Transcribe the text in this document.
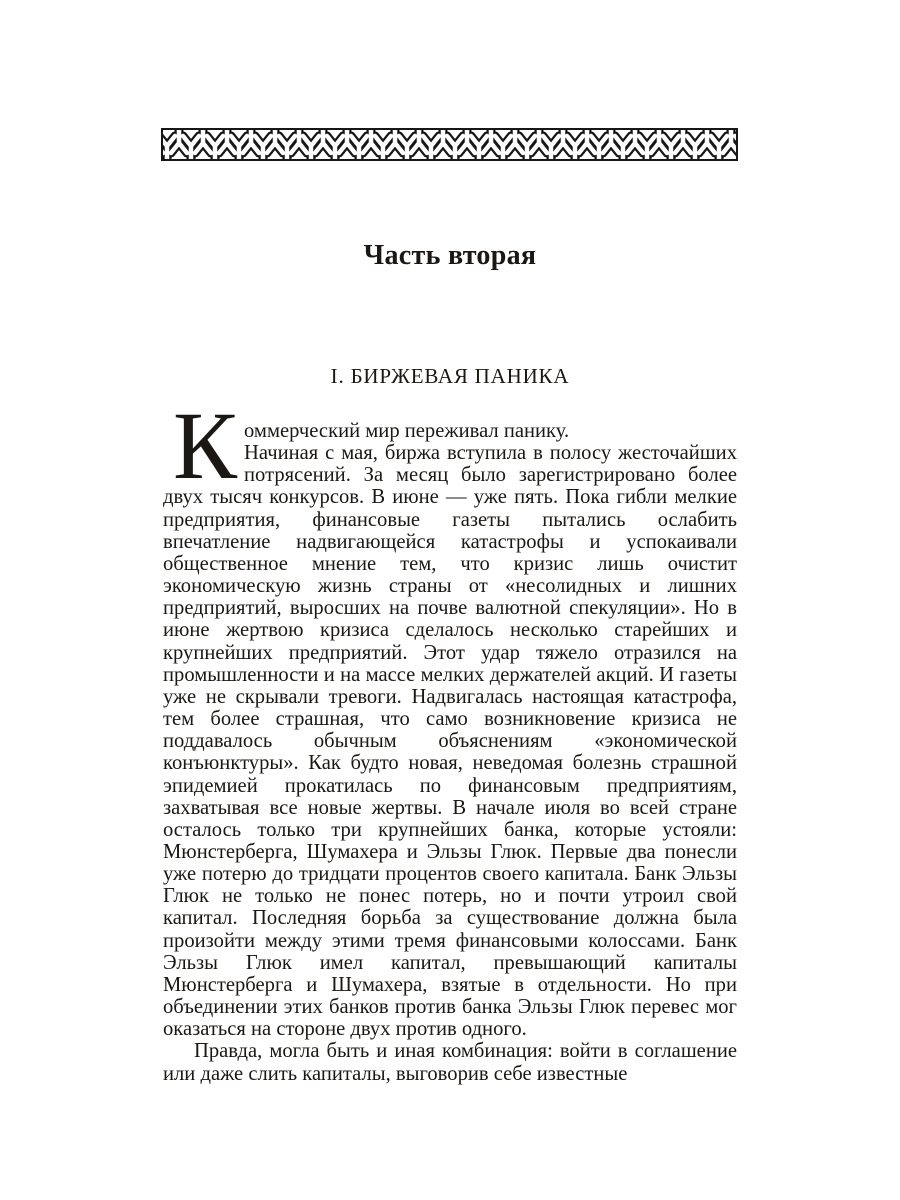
Часть вторая
I. БИРЖЕВАЯ ПАНИКА
К оммерческий мир переживал панику.

Начиная с мая, биржа вступила в полосу жесточайших потрясений. За месяц было зарегистрировано более двух тысяч конкурсов. В июне — уже пять. Пока гибли мелкие предприятия, финансовые газеты пытались ослабить впечатление надвигающейся катастрофы и успокаивали общественное мнение тем, что кризис лишь очистит экономическую жизнь страны от «несолидных и лишних предприятий, выросших на почве валютной спекуляции». Но в июне жертвою кризиса сделалось несколько старейших и крупнейших предприятий. Этот удар тяжело отразился на промышленности и на массе мелких держателей акций. И газеты уже не скрывали тревоги. Надвигалась настоящая катастрофа, тем более страшная, что само возникновение кризиса не поддавалось обычным объяснениям «экономической конъюнктуры». Как будто новая, неведомая болезнь страшной эпидемией прокатилась по финансовым предприятиям, захватывая все новые жертвы. В начале июля во всей стране осталось только три крупнейших банка, которые устояли: Мюнстерберга, Шумахера и Эльзы Глюк. Первые два понесли уже потерю до тридцати процентов своего капитала. Банк Эльзы Глюк не только не понес потерь, но и почти утроил свой капитал. Последняя борьба за существование должна была произойти между этими тремя финансовыми колоссами. Банк Эльзы Глюк имел капитал, превышающий капиталы Мюнстерберга и Шумахера, взятые в отдельности. Но при объединении этих банков против банка Эльзы Глюк перевес мог оказаться на стороне двух против одного.

Правда, могла быть и иная комбинация: войти в соглашение или даже слить капиталы, выговорив себе известные
